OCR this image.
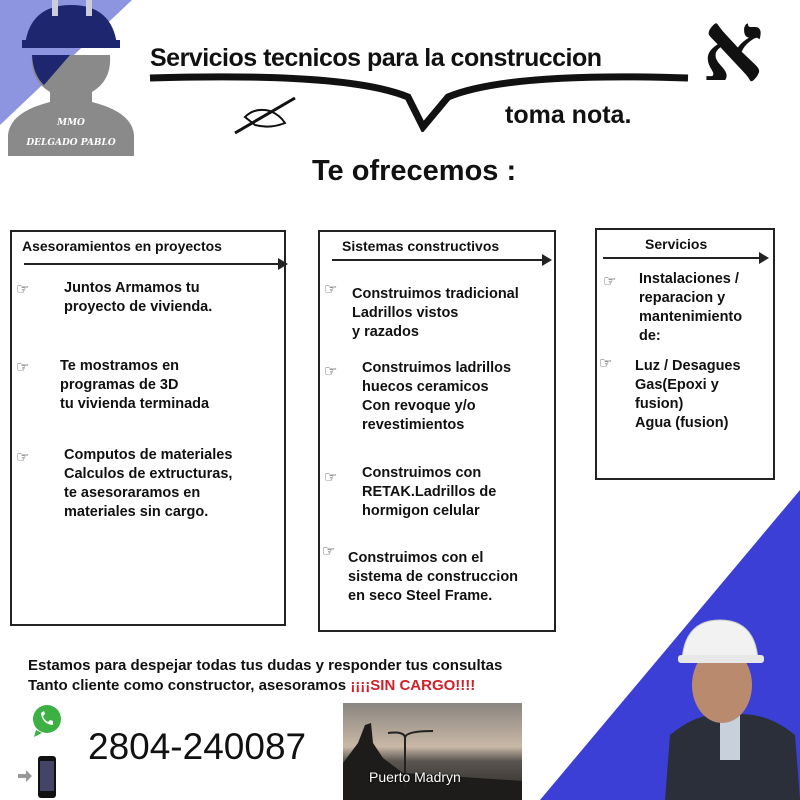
MMO
DELGADO PABLO
Servicios tecnicos para la construccion א
toma nota.
Te ofrecemos :
Asesoramientos en proyectos
☞ Juntos Armamos tu
proyecto de vivienda.
☞ Te mostramos en
programas de 3D
tu vivienda terminada
☞ Computos de materiales
Calculos de extructuras,
te asesoraramos en
materiales sin cargo.
Sistemas constructivos
☞ Construimos tradicional
Ladrillos vistos
y razados
☞ Construimos ladrillos
huecos ceramicos
Con revoque y/o
revestimientos
☞ Construimos con
RETAK.Ladrillos de
hormigon celular
☞ Construimos con el
sistema de construccion
en seco Steel Frame.
Servicios
☞ Instalaciones /
reparacion y
mantenimiento
de:
☞ Luz / Desagues
Gas(Epoxi y
fusion)
Agua (fusion)
Estamos para despejar todas tus dudas y responder tus consultas
Tanto cliente como constructor, asesoramos ¡¡¡¡SIN CARGO!!!!
2804-240087
Puerto Madryn
